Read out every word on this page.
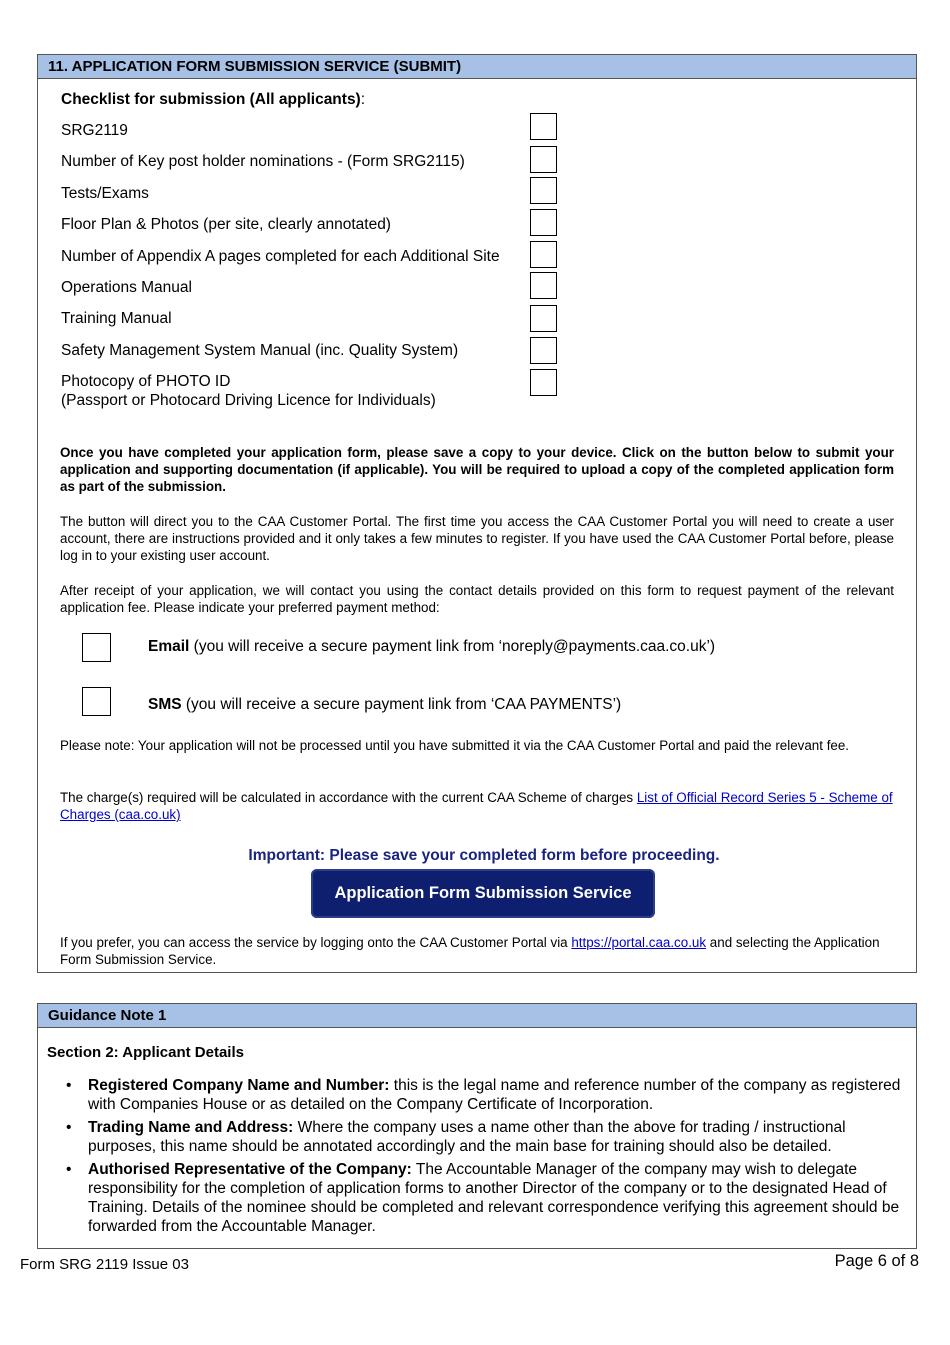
11. APPLICATION FORM SUBMISSION SERVICE (SUBMIT)
Checklist for submission (All applicants):
SRG2119
Number of Key post holder nominations - (Form SRG2115)
Tests/Exams
Floor Plan & Photos (per site, clearly annotated)
Number of Appendix A pages completed for each Additional Site
Operations Manual
Training Manual
Safety Management System Manual (inc. Quality System)
Photocopy of PHOTO ID
(Passport or Photocard Driving Licence for Individuals)
Once you have completed your application form, please save a copy to your device. Click on the button below to submit your application and supporting documentation (if applicable). You will be required to upload a copy of the completed application form as part of the submission.
The button will direct you to the CAA Customer Portal. The first time you access the CAA Customer Portal you will need to create a user account, there are instructions provided and it only takes a few minutes to register. If you have used the CAA Customer Portal before, please log in to your existing user account.
After receipt of your application, we will contact you using the contact details provided on this form to request payment of the relevant application fee. Please indicate your preferred payment method:
Email (you will receive a secure payment link from ‘noreply@payments.caa.co.uk’)
SMS (you will receive a secure payment link from ‘CAA PAYMENTS’)
Please note: Your application will not be processed until you have submitted it via the CAA Customer Portal and paid the relevant fee.
The charge(s) required will be calculated in accordance with the current CAA Scheme of charges List of Official Record Series 5 - Scheme of Charges (caa.co.uk)
Important: Please save your completed form before proceeding.
Application Form Submission Service
If you prefer, you can access the service by logging onto the CAA Customer Portal via https://portal.caa.co.uk and selecting the Application Form Submission Service.
Guidance Note 1
Section 2: Applicant Details
• Registered Company Name and Number: this is the legal name and reference number of the company as registered with Companies House or as detailed on the Company Certificate of Incorporation.
• Trading Name and Address: Where the company uses a name other than the above for trading / instructional purposes, this name should be annotated accordingly and the main base for training should also be detailed.
• Authorised Representative of the Company: The Accountable Manager of the company may wish to delegate responsibility for the completion of application forms to another Director of the company or to the designated Head of Training. Details of the nominee should be completed and relevant correspondence verifying this agreement should be forwarded from the Accountable Manager.
Form SRG 2119 Issue 03	Page 6 of 8
